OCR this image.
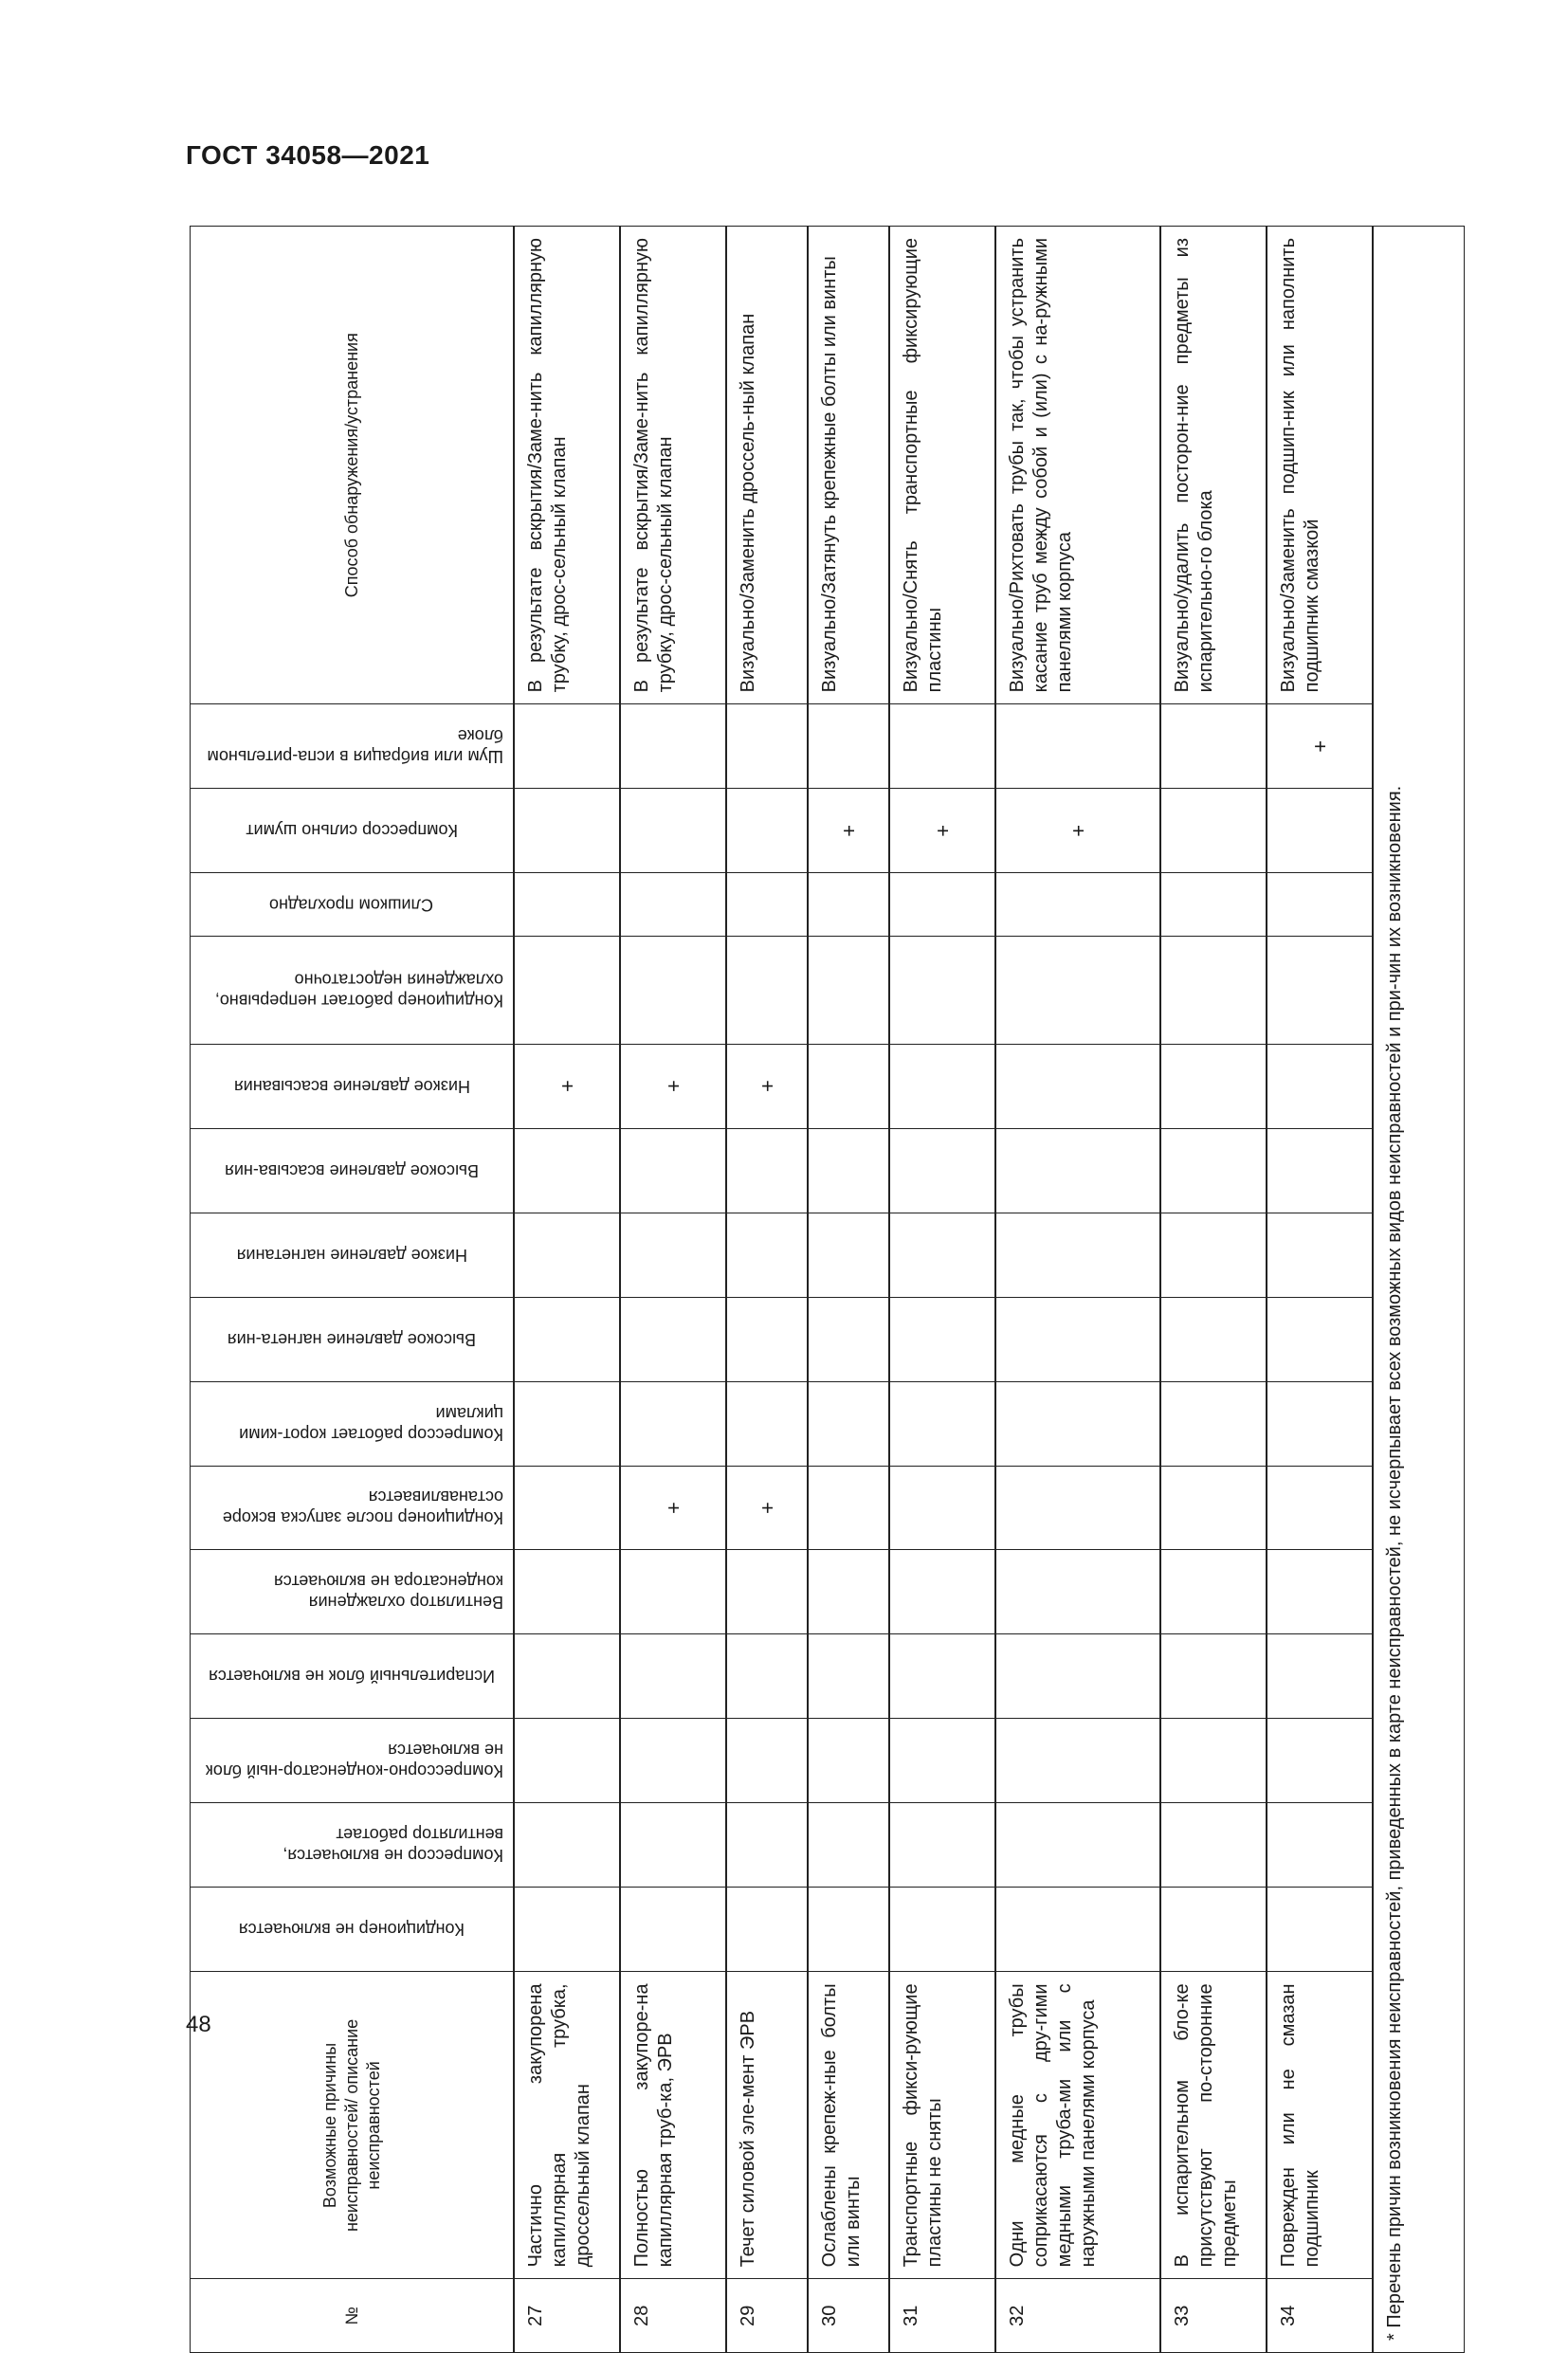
ГОСТ 34058—2021
№	Возможные причины неисправностей/ описание неисправностей	Кондиционер не включается	Компрессор не включается, вентилятор работает	Компрессорно-конденсатор-ный блок не включается	Испарительный блок не включается	Вентилятор охлаждения конденсатора не включается	Кондиционер после запуска вскоре останавливается	Компрессор работает корот-кими циклами	Высокое давление нагнета-ния	Низкое давление нагнетания	Высокое давление всасыва-ния	Низкое давление всасывания	Кондиционер работает непрерывно, охлаждения недостаточно	Слишком прохладно	Компрессор сильно шумит	Шум или вибрация в испа-рительном блоке	Способ обнаружения/устранения
27	Частично закупорена капиллярная трубка, дроссельный клапан											+					В результате вскрытия/Заме-нить капиллярную трубку, дрос-сельный клапан
28	Полностью закупоре-на капиллярная труб-ка, ЭРВ						+					+					В результате вскрытия/Заме-нить капиллярную трубку, дрос-сельный клапан
29	Течет силовой эле-мент ЭРВ						+					+					Визуально/Заменить дроссель-ный клапан
30	Ослаблены крепеж-ные болты или винты														+		Визуально/Затянуть крепежные болты или винты
31	Транспортные фикси-рующие пластины не сняты														+		Визуально/Снять транспортные фиксирующие пластины
32	Одни медные трубы соприкасаются с дру-гими медными труба-ми или с наружными панелями корпуса														+		Визуально/Рихтовать трубы так, чтобы устранить касание труб между собой и (или) с на-ружными панелями корпуса
33	В испарительном бло-ке присутствуют по-сторонние предметы																Визуально/удалить посторон-ние предметы из испарительно-го блока
34	Поврежден или не смазан подшипник															+	Визуально/Заменить подшип-ник или наполнить подшипник смазкой
* Перечень причин возникновения неисправностей, приведенных в карте неисправностей, не исчерпывает всех возможных видов неисправностей и при-чин их возникновения.																	
48
